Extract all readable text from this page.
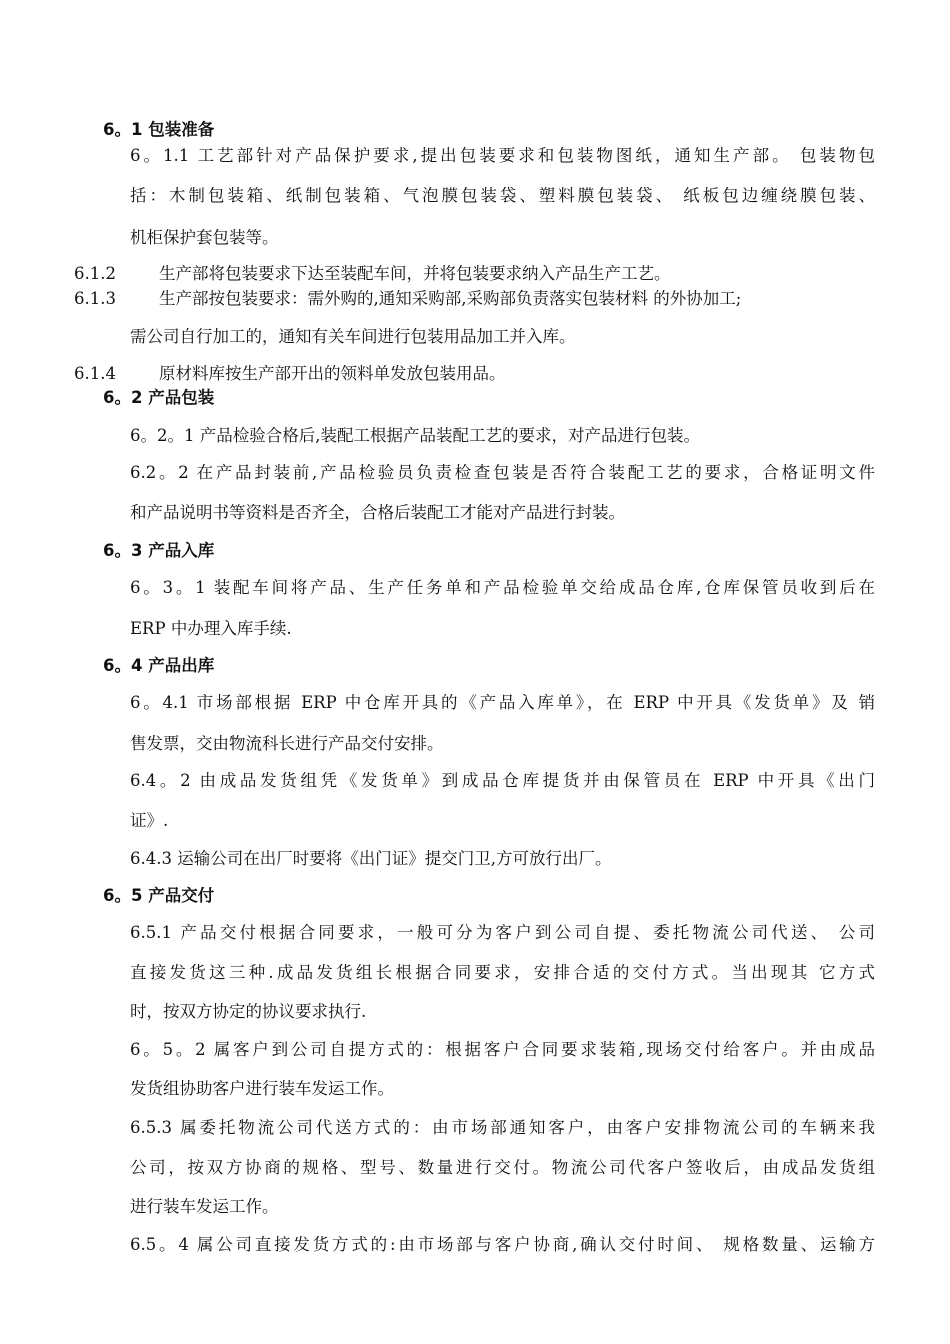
6。1 包装准备
6。1.1 工艺部针对产品保护要求,提出包装要求和包装物图纸，通知生产部。 包装物包
括：木制包装箱、纸制包装箱、气泡膜包装袋、塑料膜包装袋、 纸板包边缠绕膜包装、
机柜保护套包装等。
6.1.2	生产部将包装要求下达至装配车间，并将包装要求纳入产品生产工艺。
6.1.3	生产部按包装要求：需外购的,通知采购部,采购部负责落实包装材料 的外协加工;
需公司自行加工的，通知有关车间进行包装用品加工并入库。
6.1.4	原材料库按生产部开出的领料单发放包装用品。
6。2 产品包装
6。2。1 产品检验合格后,装配工根据产品装配工艺的要求，对产品进行包装。
6.2。2 在产品封装前,产品检验员负责检查包装是否符合装配工艺的要求，合格证明文件
和产品说明书等资料是否齐全，合格后装配工才能对产品进行封装。
6。3 产品入库
6。3。1 装配车间将产品、生产任务单和产品检验单交给成品仓库,仓库保管员收到后在
ERP 中办理入库手续.
6。4 产品出库
6。4.1 市场部根据 ERP 中仓库开具的《产品入库单》，在 ERP 中开具《发货单》及 销
售发票，交由物流科长进行产品交付安排。
6.4。2 由成品发货组凭《发货单》到成品仓库提货并由保管员在 ERP 中开具《出门
证》.
6.4.3 运输公司在出厂时要将《出门证》提交门卫,方可放行出厂。
6。5 产品交付
6.5.1 产品交付根据合同要求，一般可分为客户到公司自提、委托物流公司代送、 公司
直接发货这三种.成品发货组长根据合同要求，安排合适的交付方式。当出现其 它方式
时，按双方协定的协议要求执行.
6。5。2 属客户到公司自提方式的：根据客户合同要求装箱,现场交付给客户。并由成品
发货组协助客户进行装车发运工作。
6.5.3 属委托物流公司代送方式的：由市场部通知客户，由客户安排物流公司的车辆来我
公司，按双方协商的规格、型号、数量进行交付。物流公司代客户签收后，由成品发货组
进行装车发运工作。
6.5。4 属公司直接发货方式的:由市场部与客户协商,确认交付时间、 规格数量、运输方
